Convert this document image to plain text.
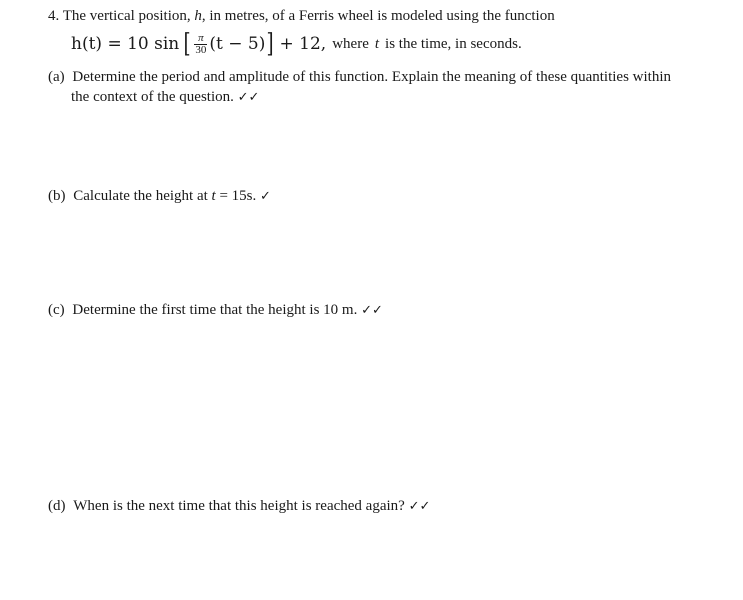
4. The vertical position, h, in metres, of a Ferris wheel is modeled using the function
h(t) = 10 sin [ $\frac{\pi}{30} (t - 5)$ ] + 12, where t is the time, in seconds.
(a) Determine the period and amplitude of this function. Explain the meaning of these quantities within
the context of the question. ✓✓
(b) Calculate the height at t = 15s. ✓
(c) Determine the first time that the height is 10 m. ✓✓
(d) When is the next time that this height is reached again? ✓✓
